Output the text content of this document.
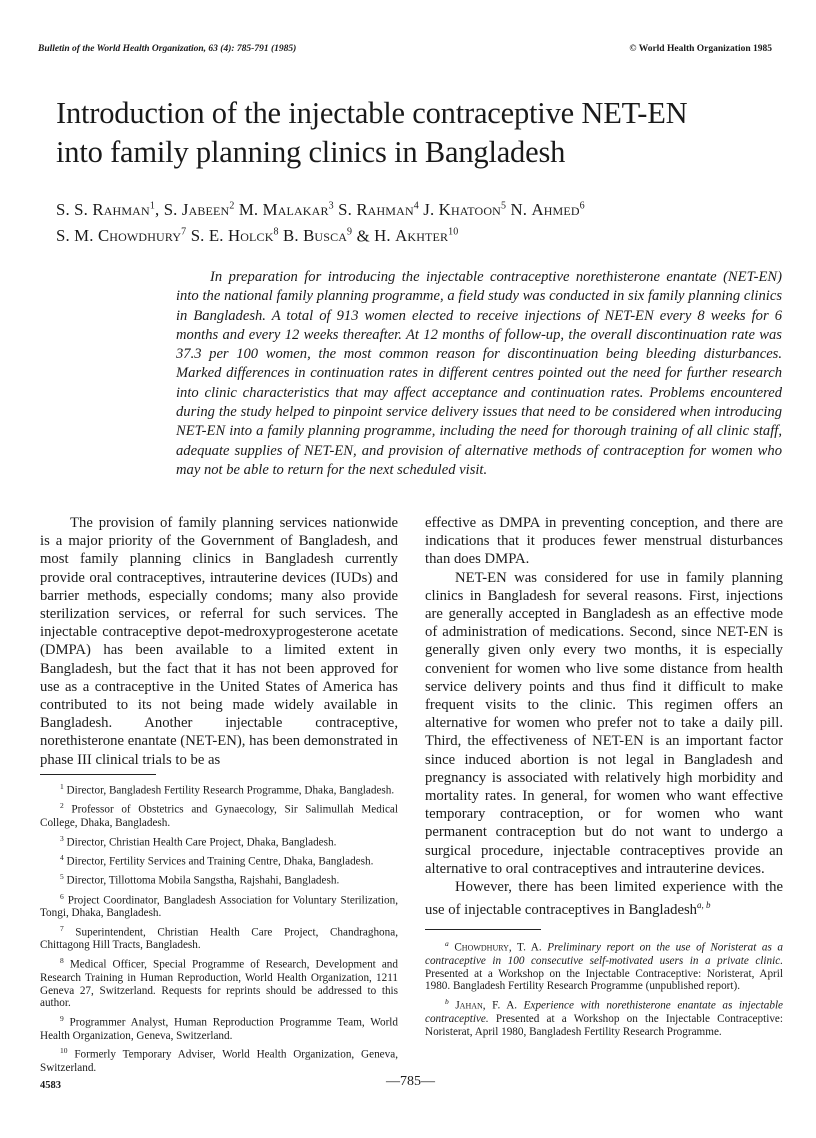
Bulletin of the World Health Organization, 63 (4): 785-791 (1985)	© World Health Organization 1985
Introduction of the injectable contraceptive NET-EN
into family planning clinics in Bangladesh
S. S. Rahman$^1$, S. Jabeen$^2$ M. Malakar$^3$ S. Rahman$^4$ J. Khatoon$^5$ N. Ahmed$^6$
S. M. Chowdhury$^7$ S. E. Holck$^8$ B. Busca$^9$ & H. Akhter$^{10}$

In preparation for introducing the injectable contraceptive norethisterone enantate (NET-EN) into the national family planning programme, a field study was conducted in six family planning clinics in Bangladesh. A total of 913 women elected to receive injections of NET-EN every 8 weeks for 6 months and every 12 weeks thereafter. At 12 months of follow-up, the overall discontinuation rate was 37.3 per 100 women, the most common reason for discontinuation being bleeding disturbances. Marked differences in continuation rates in different centres pointed out the need for further research into clinic characteristics that may affect acceptance and continuation rates. Problems encountered during the study helped to pinpoint service delivery issues that need to be considered when introducing NET-EN into a family planning programme, including the need for thorough training of all clinic staff, adequate supplies of NET-EN, and provision of alternative methods of contraception for women who may not be able to return for the next scheduled visit.

The provision of family planning services nationwide is a major priority of the Government of Bangladesh, and most family planning clinics in Bangladesh currently provide oral contraceptives, intrauterine devices (IUDs) and barrier methods, especially condoms; many also provide sterilization services, or referral for such services. The injectable contraceptive depot-medroxyprogesterone acetate (DMPA) has been available to a limited extent in Bangladesh, but the fact that it has not been approved for use as a contraceptive in the United States of America has contributed to its not being made widely available in Bangladesh. Another injectable contraceptive, norethisterone enantate (NET-EN), has been demonstrated in phase III clinical trials to be as

effective as DMPA in preventing conception, and there are indications that it produces fewer menstrual disturbances than does DMPA.

NET-EN was considered for use in family planning clinics in Bangladesh for several reasons. First, injections are generally accepted in Bangladesh as an effective mode of administration of medications. Second, since NET-EN is generally given only every two months, it is especially convenient for women who live some distance from health service delivery points and thus find it difficult to make frequent visits to the clinic. This regimen offers an alternative for women who prefer not to take a daily pill. Third, the effectiveness of NET-EN is an important factor since induced abortion is not legal in Bangladesh and pregnancy is associated with relatively high morbidity and mortality rates. In general, for women who want effective temporary contraception, or for women who want permanent contraception but do not want to undergo a surgical procedure, injectable contraceptives provide an alternative to oral contraceptives and intrauterine devices.

However, there has been limited experience with the use of injectable contraceptives in Bangladesh$^{a, b}$

$^1$ Director, Bangladesh Fertility Research Programme, Dhaka, Bangladesh.

$^2$ Professor of Obstetrics and Gynaecology, Sir Salimullah Medical College, Dhaka, Bangladesh.

$^3$ Director, Christian Health Care Project, Dhaka, Bangladesh.

$^4$ Director, Fertility Services and Training Centre, Dhaka, Bangladesh.

$^5$ Director, Tillottoma Mobila Sangstha, Rajshahi, Bangladesh.

$^6$ Project Coordinator, Bangladesh Association for Voluntary Sterilization, Tongi, Dhaka, Bangladesh.

$^7$ Superintendent, Christian Health Care Project, Chandraghona, Chittagong Hill Tracts, Bangladesh.

$^8$ Medical Officer, Special Programme of Research, Development and Research Training in Human Reproduction, World Health Organization, 1211 Geneva 27, Switzerland. Requests for reprints should be addressed to this author.

$^9$ Programmer Analyst, Human Reproduction Programme Team, World Health Organization, Geneva, Switzerland.

$^{10}$ Formerly Temporary Adviser, World Health Organization, Geneva, Switzerland.

$^a$ Chowdhury, T. A. Preliminary report on the use of Noristerat as a contraceptive in 100 consecutive self-motivated users in a private clinic. Presented at a Workshop on the Injectable Contraceptive: Noristerat, April 1980. Bangladesh Fertility Research Programme (unpublished report).

$^b$ Jahan, F. A. Experience with norethisterone enantate as injectable contraceptive. Presented at a Workshop on the Injectable Contraceptive: Noristerat, April 1980, Bangladesh Fertility Research Programme.

4583	—785—
